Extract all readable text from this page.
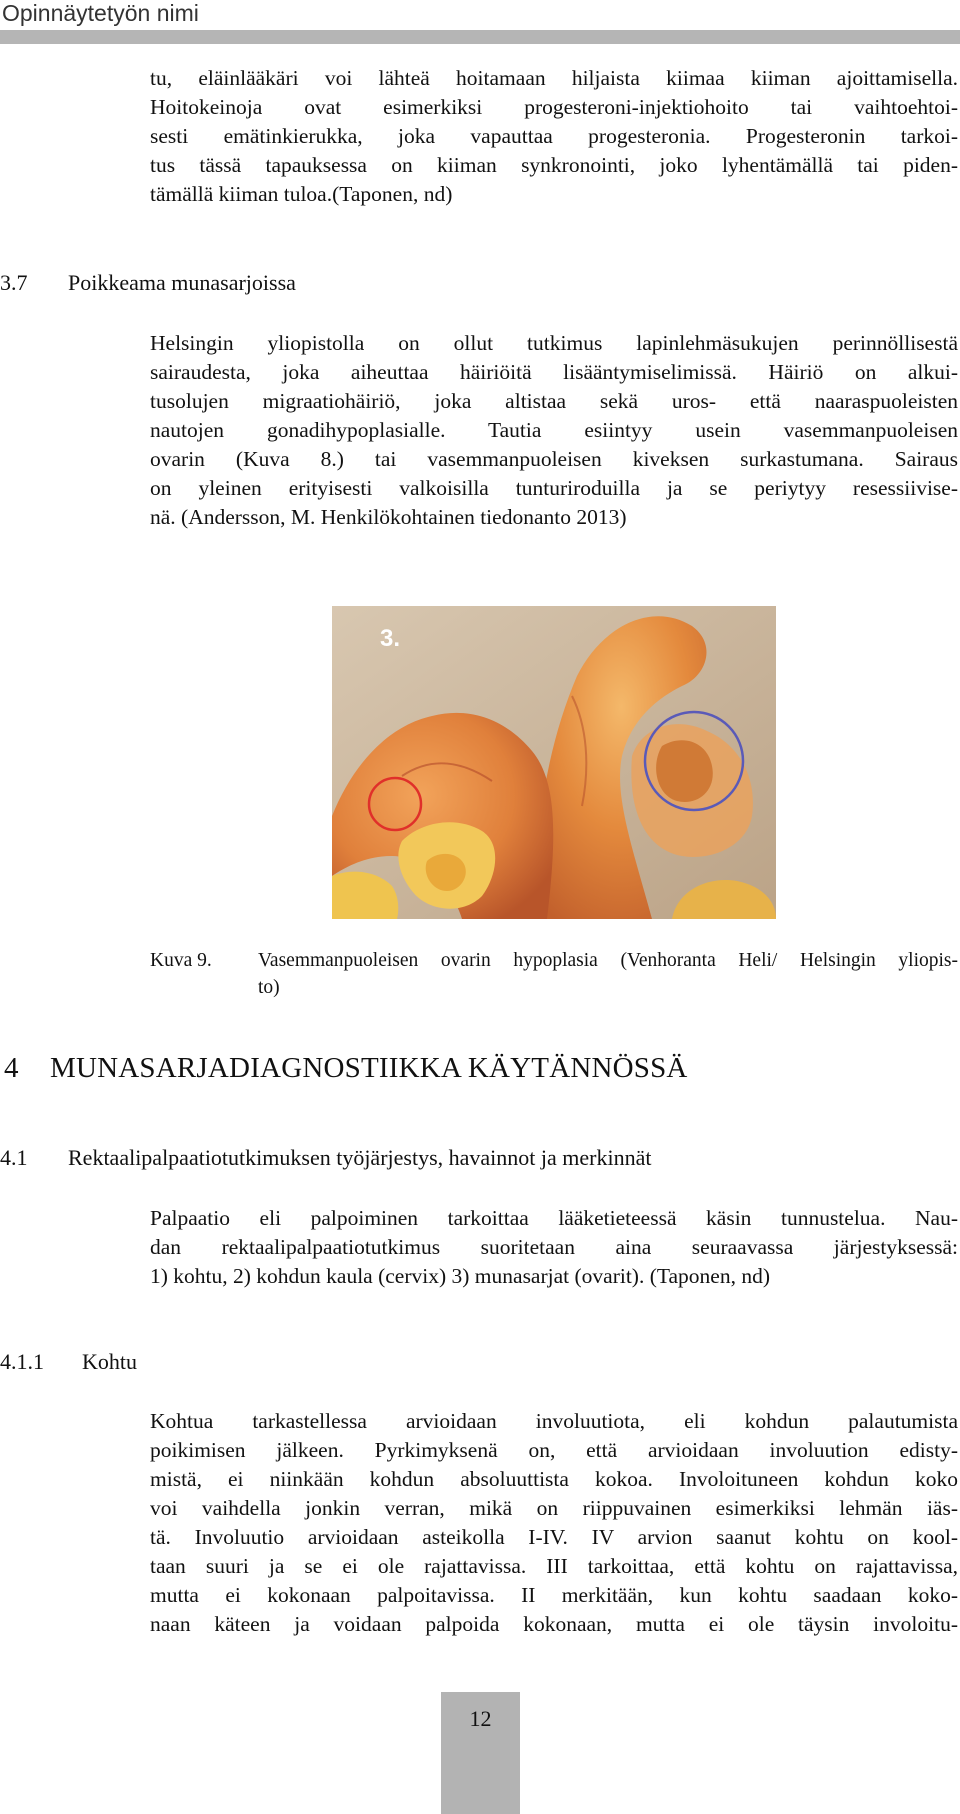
Opinnäytetyön nimi
tu, eläinlääkäri voi lähteä hoitamaan hiljaista kiimaa kiiman ajoittamisella.
Hoitokeinoja ovat esimerkiksi progesteroni-injektiohoito tai vaihtoehtoi-
sesti emätinkierukka, joka vapauttaa progesteronia. Progesteronin tarkoi-
tus tässä tapauksessa on kiiman synkronointi, joko lyhentämällä tai piden-
tämällä kiiman tuloa.(Taponen, nd)
3.7 Poikkeama munasarjoissa
Helsingin yliopistolla on ollut tutkimus lapinlehmäsukujen perinnöllisestä
sairaudesta, joka aiheuttaa häiriöitä lisääntymiselimissä. Häiriö on alkui-
tusolujen migraatiohäiriö, joka altistaa sekä uros- että naaraspuoleisten
nautojen gonadihypoplasialle. Tautia esiintyy usein vasemmanpuoleisen
ovarin (Kuva 8.) tai vasemmanpuoleisen kiveksen surkastumana. Sairaus
on yleinen erityisesti valkoisilla tunturiroduilla ja se periytyy resessiivise-
nä. (Andersson, M. Henkilökohtainen tiedonanto 2013)
3.
Kuva 9. Vasemmanpuoleisen ovarin hypoplasia (Venhoranta Heli/ Helsingin yliopis-
to)
4 MUNASARJADIAGNOSTIIKKA KÄYTÄNNÖSSÄ
4.1 Rektaalipalpaatiotutkimuksen työjärjestys, havainnot ja merkinnät
Palpaatio eli palpoiminen tarkoittaa lääketieteessä käsin tunnustelua. Nau-
dan rektaalipalpaatiotutkimus suoritetaan aina seuraavassa järjestyksessä:
1) kohtu, 2) kohdun kaula (cervix) 3) munasarjat (ovarit). (Taponen, nd)
4.1.1 Kohtu
Kohtua tarkastellessa arvioidaan involuutiota, eli kohdun palautumista
poikimisen jälkeen. Pyrkimyksenä on, että arvioidaan involuution edisty-
mistä, ei niinkään kohdun absoluuttista kokoa. Involoituneen kohdun koko
voi vaihdella jonkin verran, mikä on riippuvainen esimerkiksi lehmän iäs-
tä. Involuutio arvioidaan asteikolla I-IV. IV arvion saanut kohtu on kool-
taan suuri ja se ei ole rajattavissa. III tarkoittaa, että kohtu on rajattavissa,
mutta ei kokonaan palpoitavissa. II merkitään, kun kohtu saadaan koko-
naan käteen ja voidaan palpoida kokonaan, mutta ei ole täysin involoitu-
12
